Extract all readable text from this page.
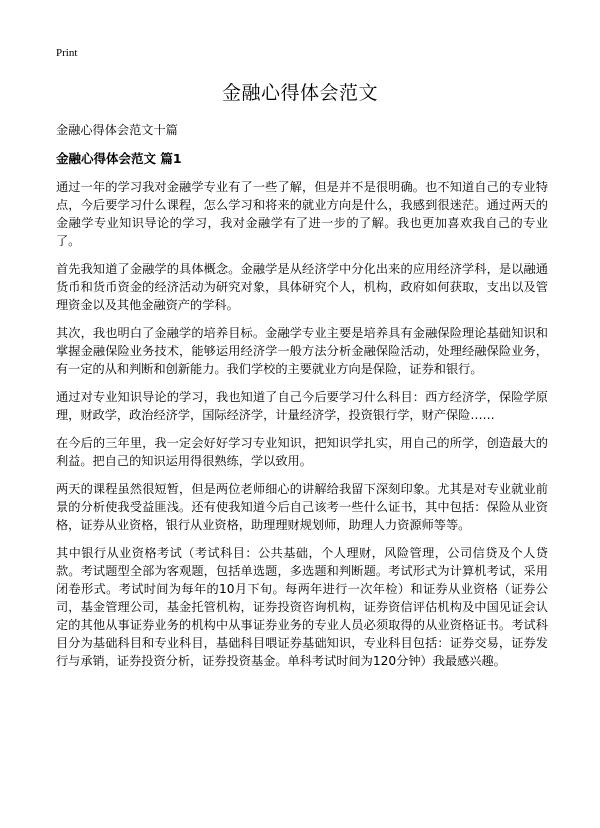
Print
金融心得体会范文

金融心得体会范文十篇

金融心得体会范文 篇1

通过一年的学习我对金融学专业有了一些了解，但是并不是很明确。也不知道自己的专业特点，今后要学习什么课程，怎么学习和将来的就业方向是什么，我感到很迷茫。通过两天的金融学专业知识导论的学习，我对金融学有了进一步的了解。我也更加喜欢我自己的专业了。

首先我知道了金融学的具体概念。金融学是从经济学中分化出来的应用经济学科，是以融通货币和货币资金的经济活动为研究对象，具体研究个人，机构，政府如何获取，支出以及管理资金以及其他金融资产的学科。

其次，我也明白了金融学的培养目标。金融学专业主要是培养具有金融保险理论基础知识和掌握金融保险业务技术，能够运用经济学一般方法分析金融保险活动，处理经融保险业务，有一定的从和判断和创新能力。我们学校的主要就业方向是保险，证券和银行。

通过对专业知识导论的学习，我也知道了自己今后要学习什么科目：西方经济学，保险学原理，财政学，政治经济学，国际经济学，计量经济学，投资银行学，财产保险……

在今后的三年里，我一定会好好学习专业知识，把知识学扎实，用自己的所学，创造最大的利益。把自己的知识运用得很熟练，学以致用。

两天的课程虽然很短暂，但是两位老师细心的讲解给我留下深刻印象。尤其是对专业就业前景的分析使我受益匪浅。还有使我知道今后自己该考一些什么证书，其中包括：保险从业资格，证券从业资格，银行从业资格，助理理财规划师，助理人力资源师等等。

其中银行从业资格考试（考试科目：公共基础，个人理财，风险管理，公司信贷及个人贷款。考试题型全部为客观题，包括单选题，多选题和判断题。考试形式为计算机考试，采用闭卷形式。考试时间为每年的10月下旬。每两年进行一次年检）和证券从业资格（证券公司，基金管理公司，基金托管机构，证券投资咨询机构，证券资信评估机构及中国见证会认定的其他从事证券业务的机构中从事证券业务的专业人员必须取得的从业资格证书。考试科目分为基础科目和专业科目，基础科目喂证券基础知识，专业科目包括：证券交易，证券发行与承销，证券投资分析，证券投资基金。单科考试时间为120分钟）我最感兴趣。
